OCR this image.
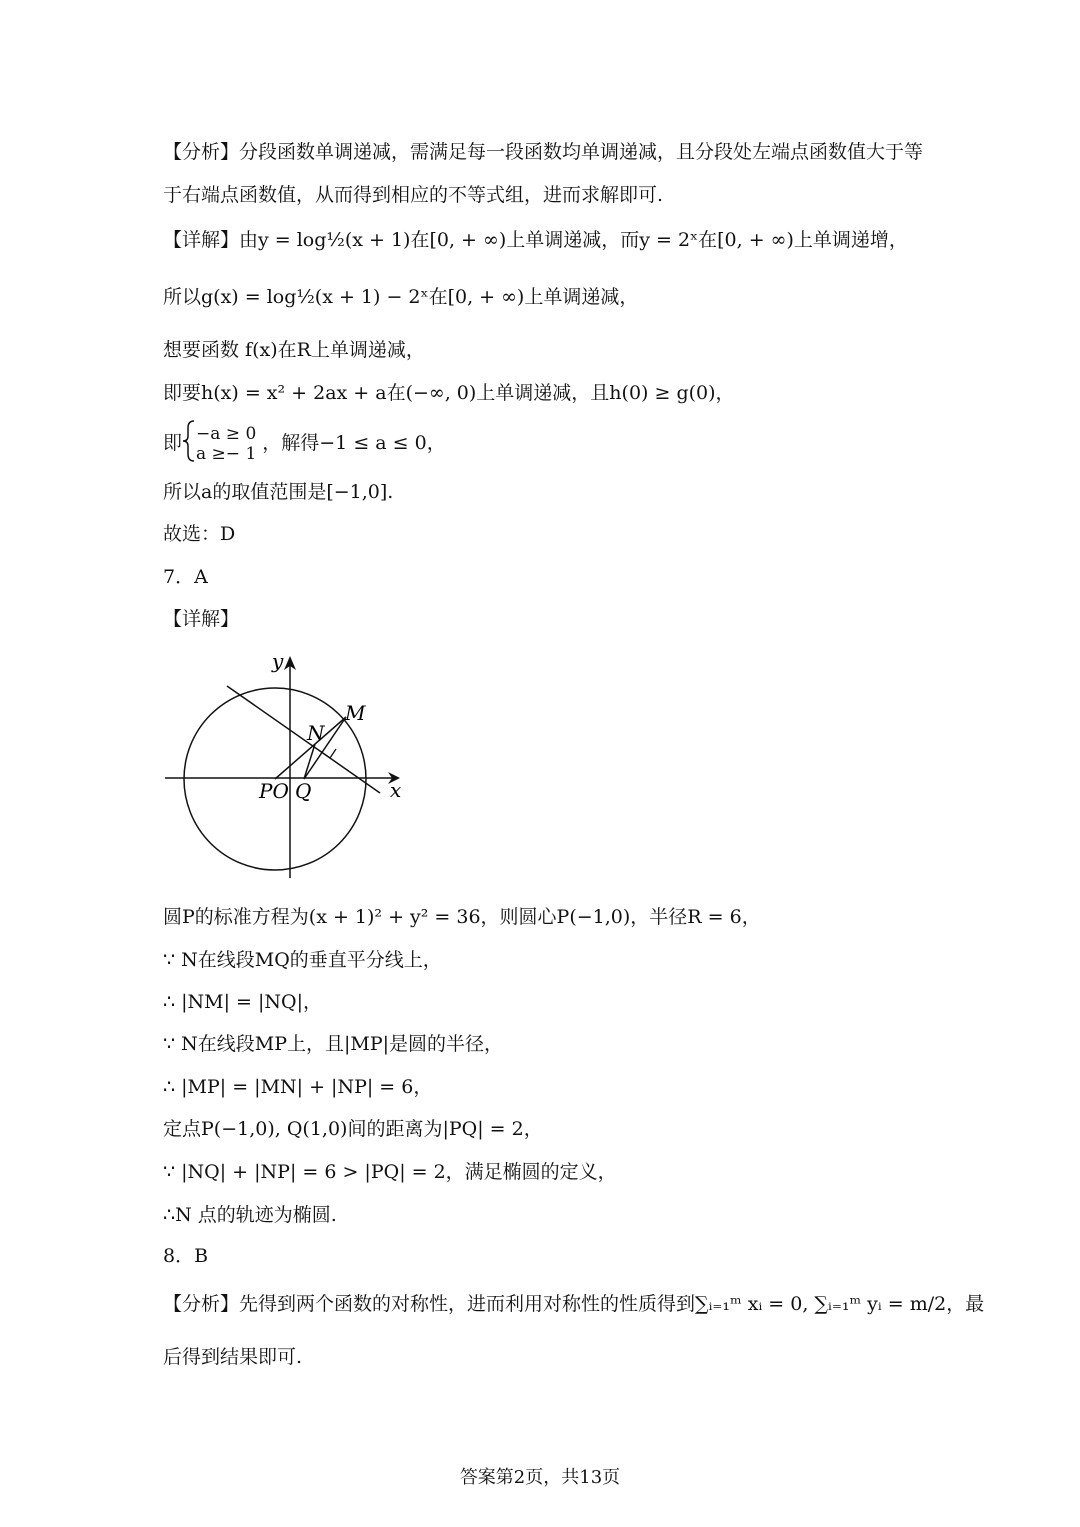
【分析】分段函数单调递减，需满足每一段函数均单调递减，且分段处左端点函数值大于等
于右端点函数值，从而得到相应的不等式组，进而求解即可.
【详解】由y = log½(x + 1)在[0, + ∞)上单调递减，而y = 2ˣ在[0, + ∞)上单调递增，
所以g(x) = log½(x + 1) − 2ˣ在[0, + ∞)上单调递减，
想要函数 f(x)在R上单调递减，
即要h(x) = x² + 2ax + a在(−∞, 0)上单调递减，且h(0) ≥ g(0)，
即 −a ≥ 0
a ≥− 1 ，解得−1 ≤ a ≤ 0，
所以a的取值范围是[−1,0].
故选：D
7．A
【详解】
y
x
M
N
PO Q
圆P的标准方程为(x + 1)² + y² = 36，则圆心P(−1,0)，半径R = 6，
∵ N在线段MQ的垂直平分线上，
∴ |NM| = |NQ|，
∵ N在线段MP上，且|MP|是圆的半径，
∴ |MP| = |MN| + |NP| = 6，
定点P(−1,0), Q(1,0)间的距离为|PQ| = 2，
∵ |NQ| + |NP| = 6 > |PQ| = 2，满足椭圆的定义，
∴N 点的轨迹为椭圆.
8．B
【分析】先得到两个函数的对称性，进而利用对称性的性质得到∑ᵢ₌₁ᵐ xᵢ = 0, ∑ᵢ₌₁ᵐ yᵢ = m/2，最
后得到结果即可.
答案第2页，共13页
